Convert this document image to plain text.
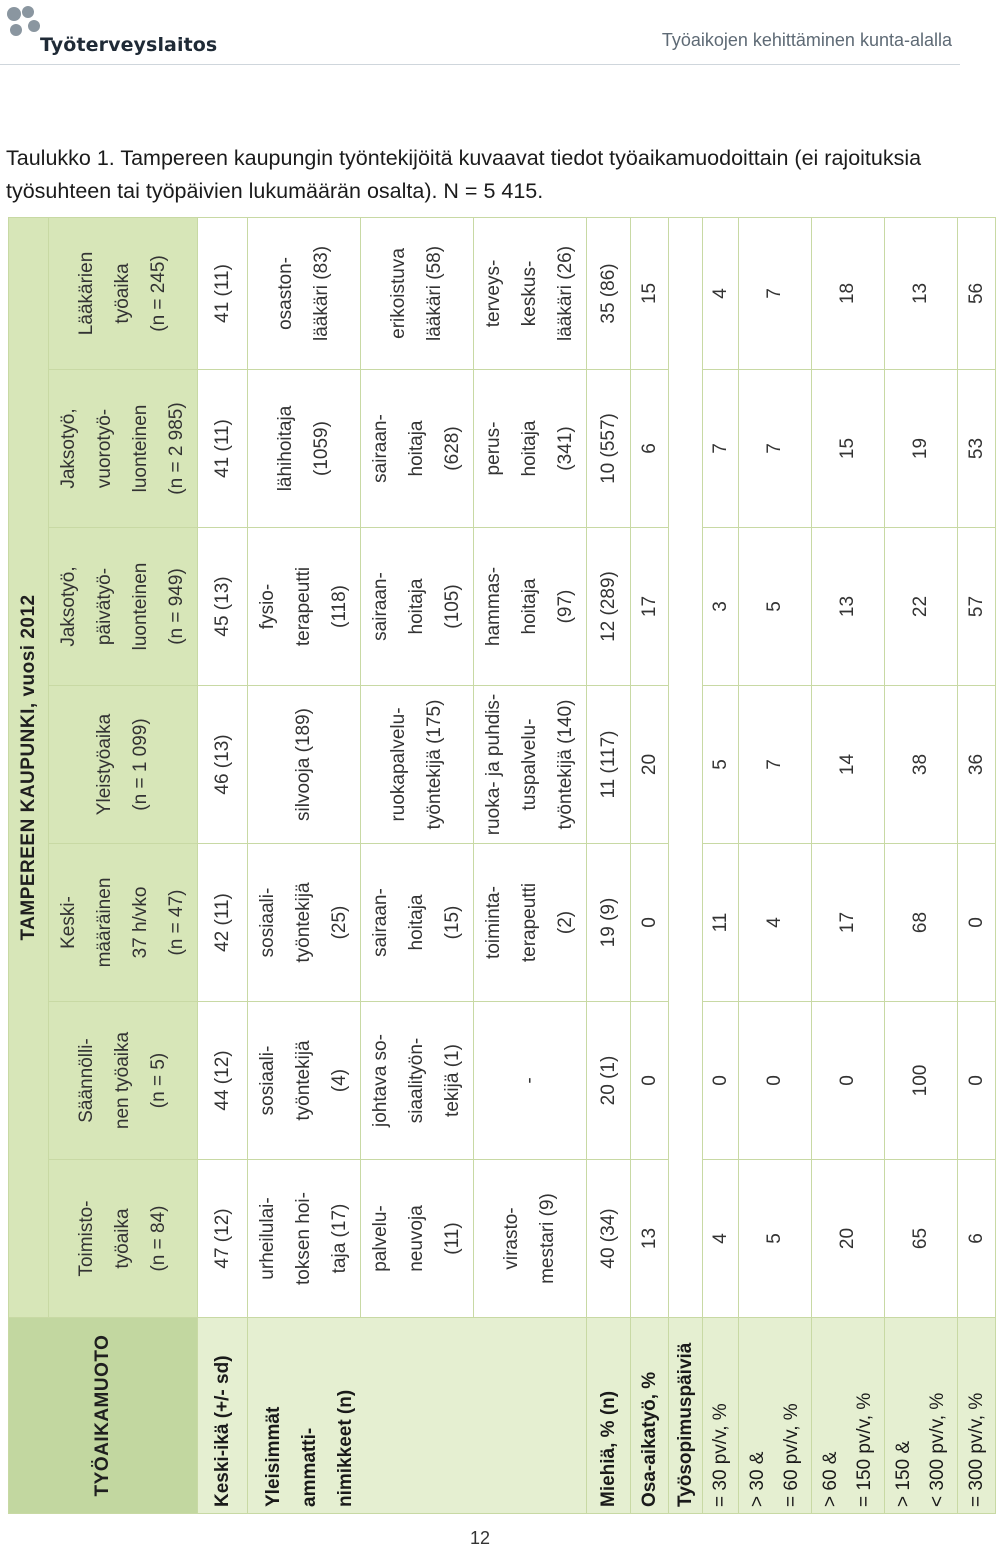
Työterveyslaitos	Työaikojen kehittäminen kunta-alalla
Taulukko 1. Tampereen kaupungin työntekijöitä kuvaavat tiedot työaikamuodoittain (ei rajoituksia työsuhteen tai työpäivien lukumäärän osalta). N = 5 415.
TYÖAIKAMUOTO	TAMPEREEN KAUPUNKI, vuosi 2012						

	Toimisto- työaika (n = 84)	Säännölli- nen työaika (n = 5)	Keski- määräinen 37 h/vko (n = 47)	Yleistyöaika (n = 1 099)	Jaksotyö, päivätyö- luonteinen (n = 949)	Jaksotyö, vuorotyö- luonteinen (n = 2 985)	Lääkärien työaika (n = 245)

Keski-ikä (+/- sd)	47 (12)	44 (12)	42 (11)	46 (13)	45 (13)	41 (11)	41 (11)

Yleisimmät ammatti- nimikkeet (n)	urheilulai- toksen hoi- taja (17)	sosiaali- työntekijä (4)	sosiaali- työntekijä (25)	silvooja (189)	fysio- terapeutti (118)	lähihoitaja (1059)	osaston- lääkäri (83)

	palvelu- neuvoja (11)	johtava so- siaalityön- tekijä (1)	sairaan- hoitaja (15)	ruokapalvelu- työntekijä (175)	sairaan- hoitaja (105)	sairaan- hoitaja (628)	erikoistuva lääkäri (58)

	virasto- mestari (9)	-	toiminta- terapeutti (2)	ruoka- ja puhdis- tuspalvelu- työntekijä (140)	hammas- hoitaja (97)	perus- hoitaja (341)	terveys- keskus- lääkäri (26)

Miehiä, % (n)	40 (34)	20 (1)	19 (9)	11 (117)	12 (289)	10 (557)	35 (86)
Osa-aikatyö, %	13	0	0	20	17	6	15
Työsopimuspäiviä							
= 30 pv/v, %	4	0	11	5	3	7	4

> 30 & = 60 pv/v, %	5	0	4	7	5	7	7

> 60 & = 150 pv/v, %	20	0	17	14	13	15	18

> 150 & < 300 pv/v, %	65	100	68	38	22	19	13
= 300 pv/v, %	6	0	0	36	57	53	56
12
